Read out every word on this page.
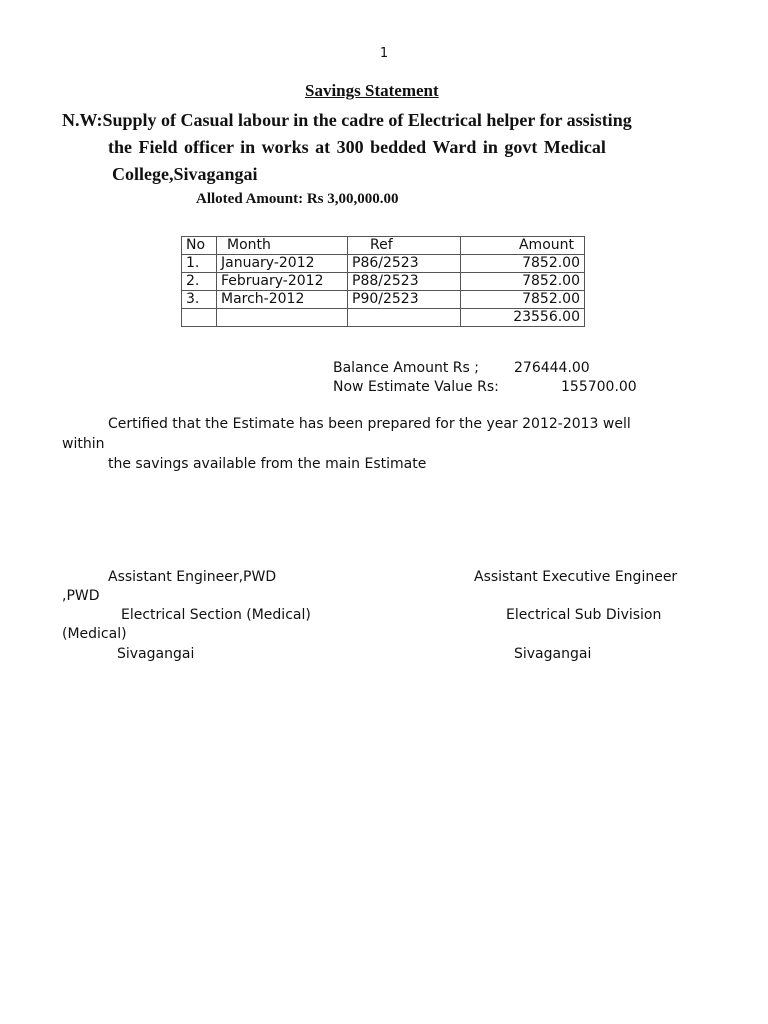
1
Savings Statement
N.W:Supply of Casual labour in the cadre of Electrical helper for assisting
the Field officer in works at 300 bedded Ward in govt Medical
College,Sivagangai
Alloted Amount: Rs 3,00,000.00
No	Month	Ref	Amount
1.	January-2012	P86/2523	7852.00
2.	February-2012	P88/2523	7852.00
3.	March-2012	P90/2523	7852.00
			23556.00
Balance Amount Rs ;	276444.00
Now Estimate Value Rs:	155700.00
Certified that the Estimate has been prepared for the year 2012-2013 well
within
the savings available from the main Estimate
Assistant Engineer,PWD	Assistant Executive Engineer
,PWD
Electrical Section (Medical)	Electrical Sub Division
(Medical)
Sivagangai	Sivagangai
